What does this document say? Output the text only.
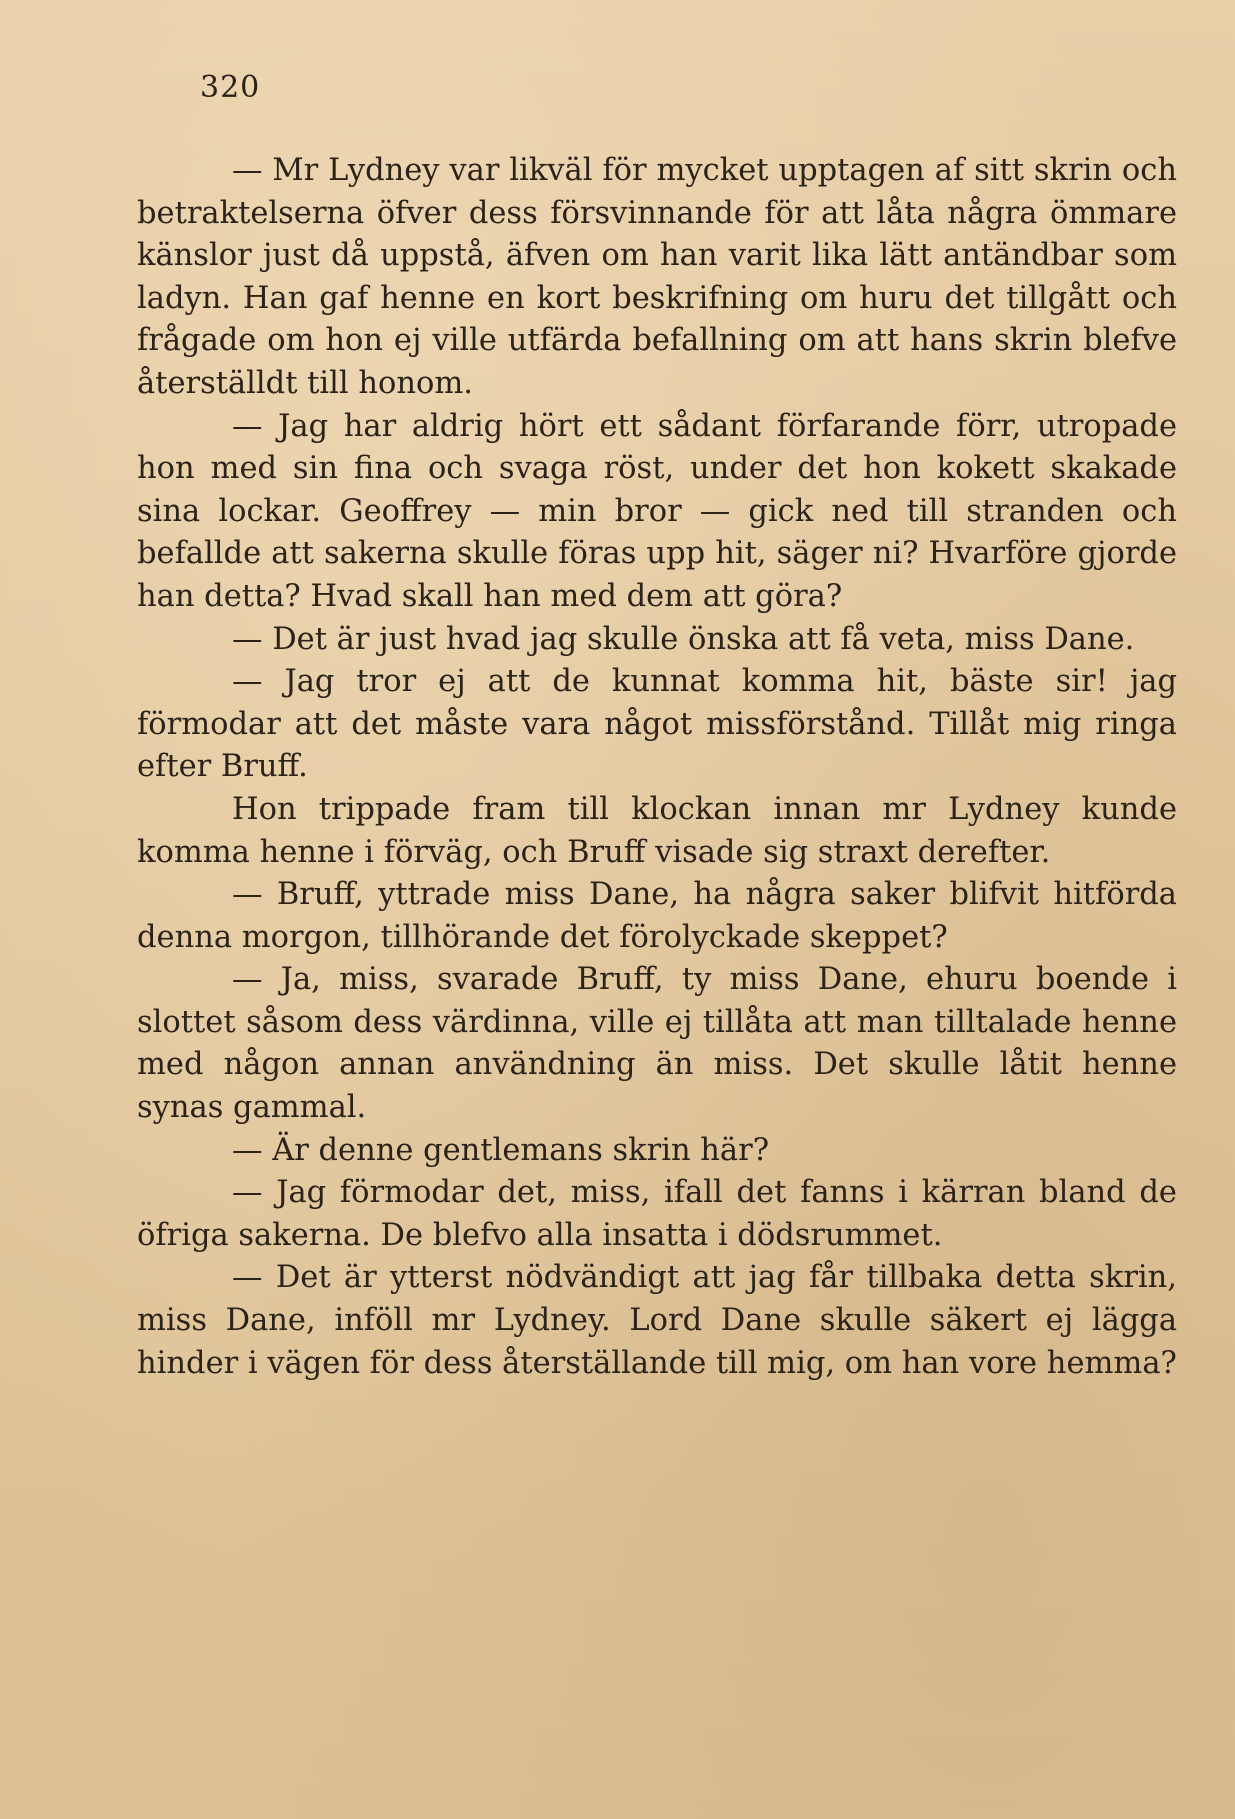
320

— Mr Lydney var likväl för mycket upptagen af sitt skrin och betraktelserna öfver dess försvinnande för att låta några ömmare känslor just då uppstå, äfven om han varit lika lätt antändbar som ladyn. Han gaf henne en kort beskrifning om huru det tillgått och frågade om hon ej ville utfärda befallning om att hans skrin blefve återställdt till honom.

— Jag har aldrig hört ett sådant förfarande förr, utropade hon med sin fina och svaga röst, under det hon kokett skakade sina lockar. Geoffrey — min bror — gick ned till stranden och befallde att sakerna skulle föras upp hit, säger ni? Hvarföre gjorde han detta? Hvad skall han med dem att göra?

— Det är just hvad jag skulle önska att få veta, miss Dane.

— Jag tror ej att de kunnat komma hit, bäste sir! jag förmodar att det måste vara något missförstånd. Tillåt mig ringa efter Bruff.

Hon trippade fram till klockan innan mr Lydney kunde komma henne i förväg, och Bruff visade sig straxt derefter.

— Bruff, yttrade miss Dane, ha några saker blifvit hitförda denna morgon, tillhörande det förolyckade skeppet?

— Ja, miss, svarade Bruff, ty miss Dane, ehuru boende i slottet såsom dess värdinna, ville ej tillåta att man tilltalade henne med någon annan användning än miss. Det skulle låtit henne synas gammal.

— Är denne gentlemans skrin här?

— Jag förmodar det, miss, ifall det fanns i kärran bland de öfriga sakerna. De blefvo alla insatta i dödsrummet.

— Det är ytterst nödvändigt att jag får tillbaka detta skrin, miss Dane, inföll mr Lydney. Lord Dane skulle säkert ej lägga hinder i vägen för dess återställande till mig, om han vore hemma?
